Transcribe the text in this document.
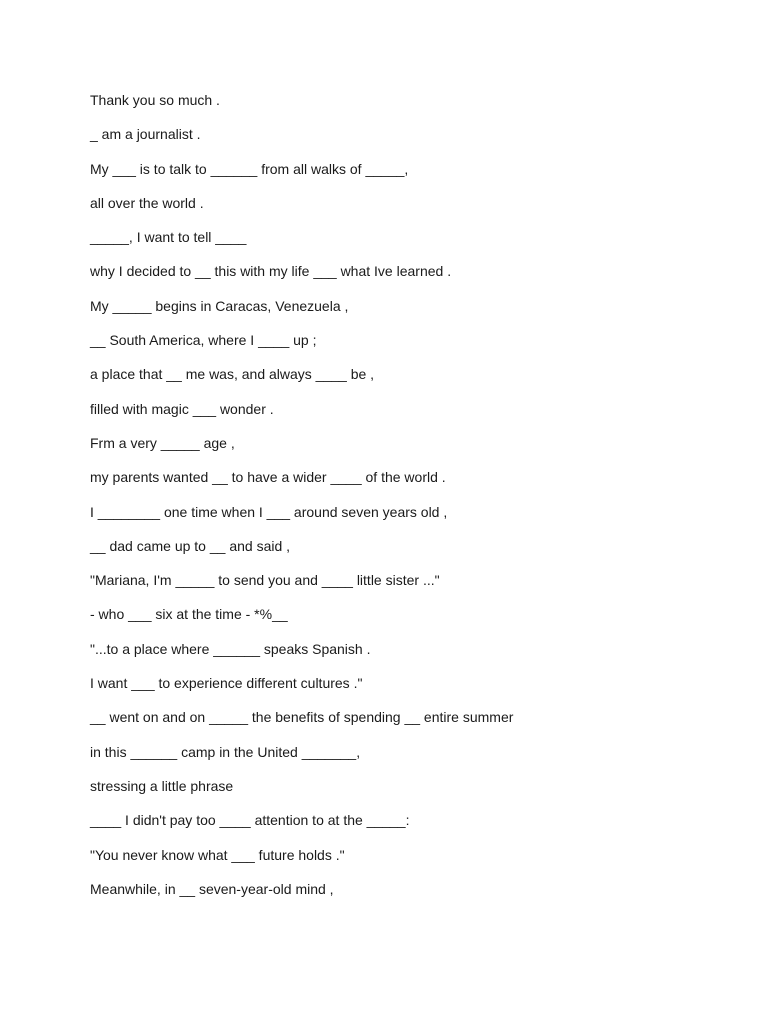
Thank you so much .
_ am a journalist .
My ___ is to talk to ______ from all walks of _____,
all over the world .
_____, I want to tell ____
why I decided to __ this with my life ___ what Ive learned .
My _____ begins in Caracas, Venezuela ,
__ South America, where I ____ up ;
a place that __ me was, and always ____ be ,
filled with magic ___ wonder .
Frm a very _____ age ,
my parents wanted __ to have a wider ____ of the world .
I ________ one time when I ___ around seven years old ,
__ dad came up to __ and said ,
"Mariana, I'm _____ to send you and ____ little sister ..."
- who ___ six at the time - *%__
"...to a place where ______ speaks Spanish .
I want ___ to experience different cultures ."
__ went on and on _____ the benefits of spending __ entire summer
in this ______ camp in the United _______,
stressing a little phrase
____ I didn't pay too ____ attention to at the _____:
"You never know what ___ future holds ."
Meanwhile, in __ seven-year-old mind ,
